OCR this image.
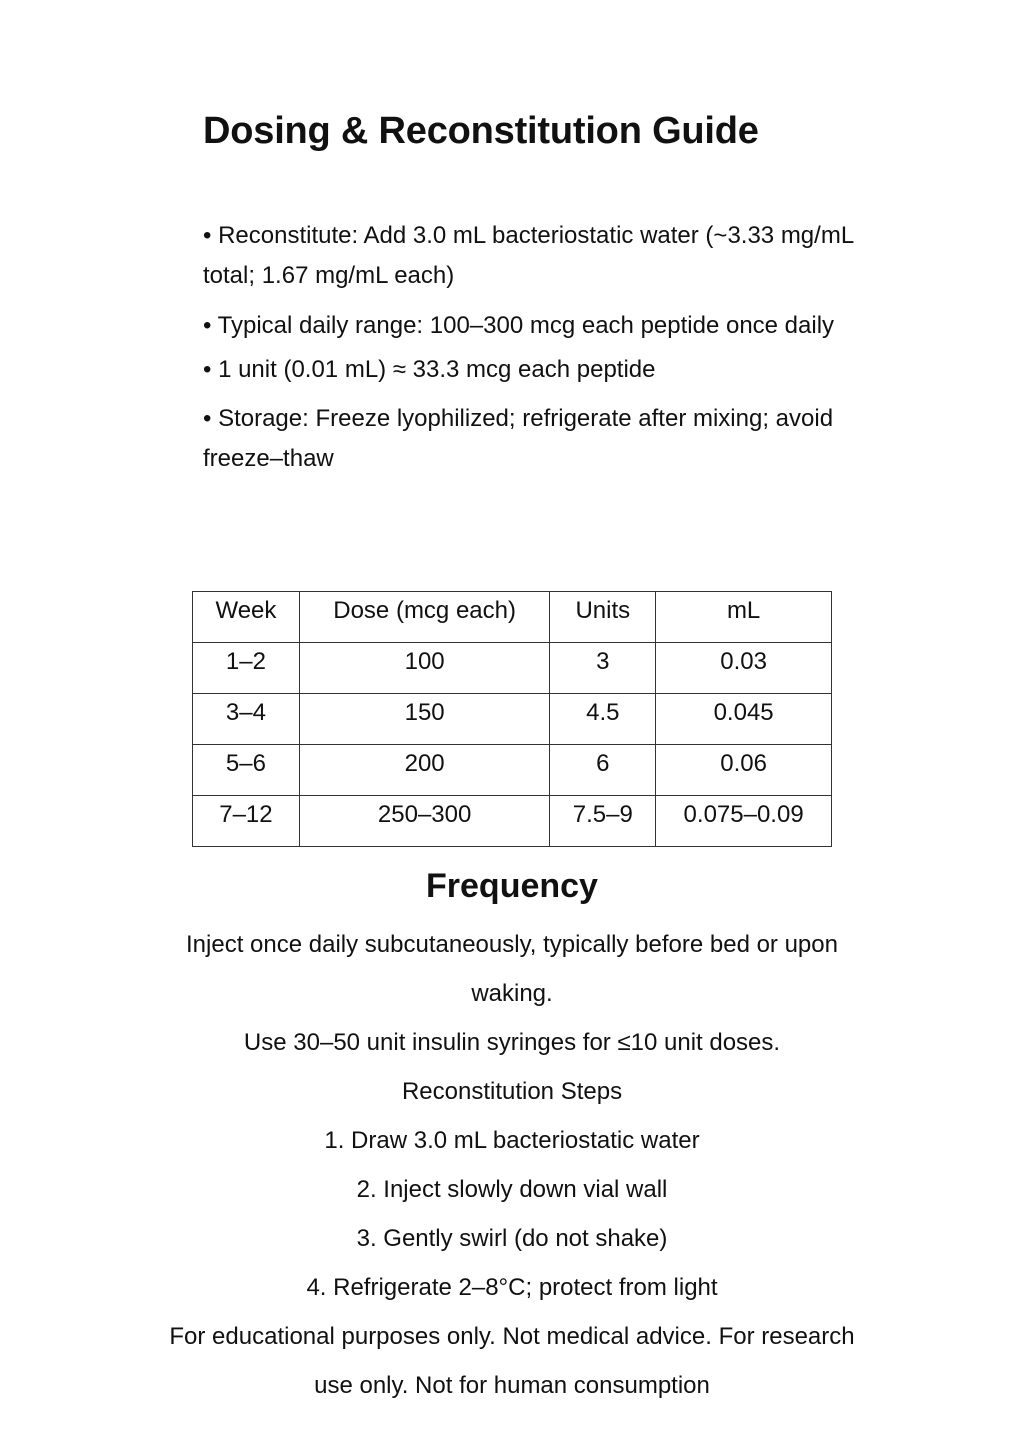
Dosing & Reconstitution Guide
• Reconstitute: Add 3.0 mL bacteriostatic water (~3.33 mg/mL total; 1.67 mg/mL each)
• Typical daily range: 100–300 mcg each peptide once daily
• 1 unit (0.01 mL) ≈ 33.3 mcg each peptide
• Storage: Freeze lyophilized; refrigerate after mixing; avoid freeze–thaw
Week	Dose (mcg each)	Units	mL
1–2	100	3	0.03
3–4	150	4.5	0.045
5–6	200	6	0.06
7–12	250–300	7.5–9	0.075–0.09
Frequency

Inject once daily subcutaneously, typically before bed or upon waking.

Use 30–50 unit insulin syringes for ≤10 unit doses.

Reconstitution Steps

1. Draw 3.0 mL bacteriostatic water

2. Inject slowly down vial wall

3. Gently swirl (do not shake)

4. Refrigerate 2–8°C; protect from light

For educational purposes only. Not medical advice. For research use only. Not for human consumption
